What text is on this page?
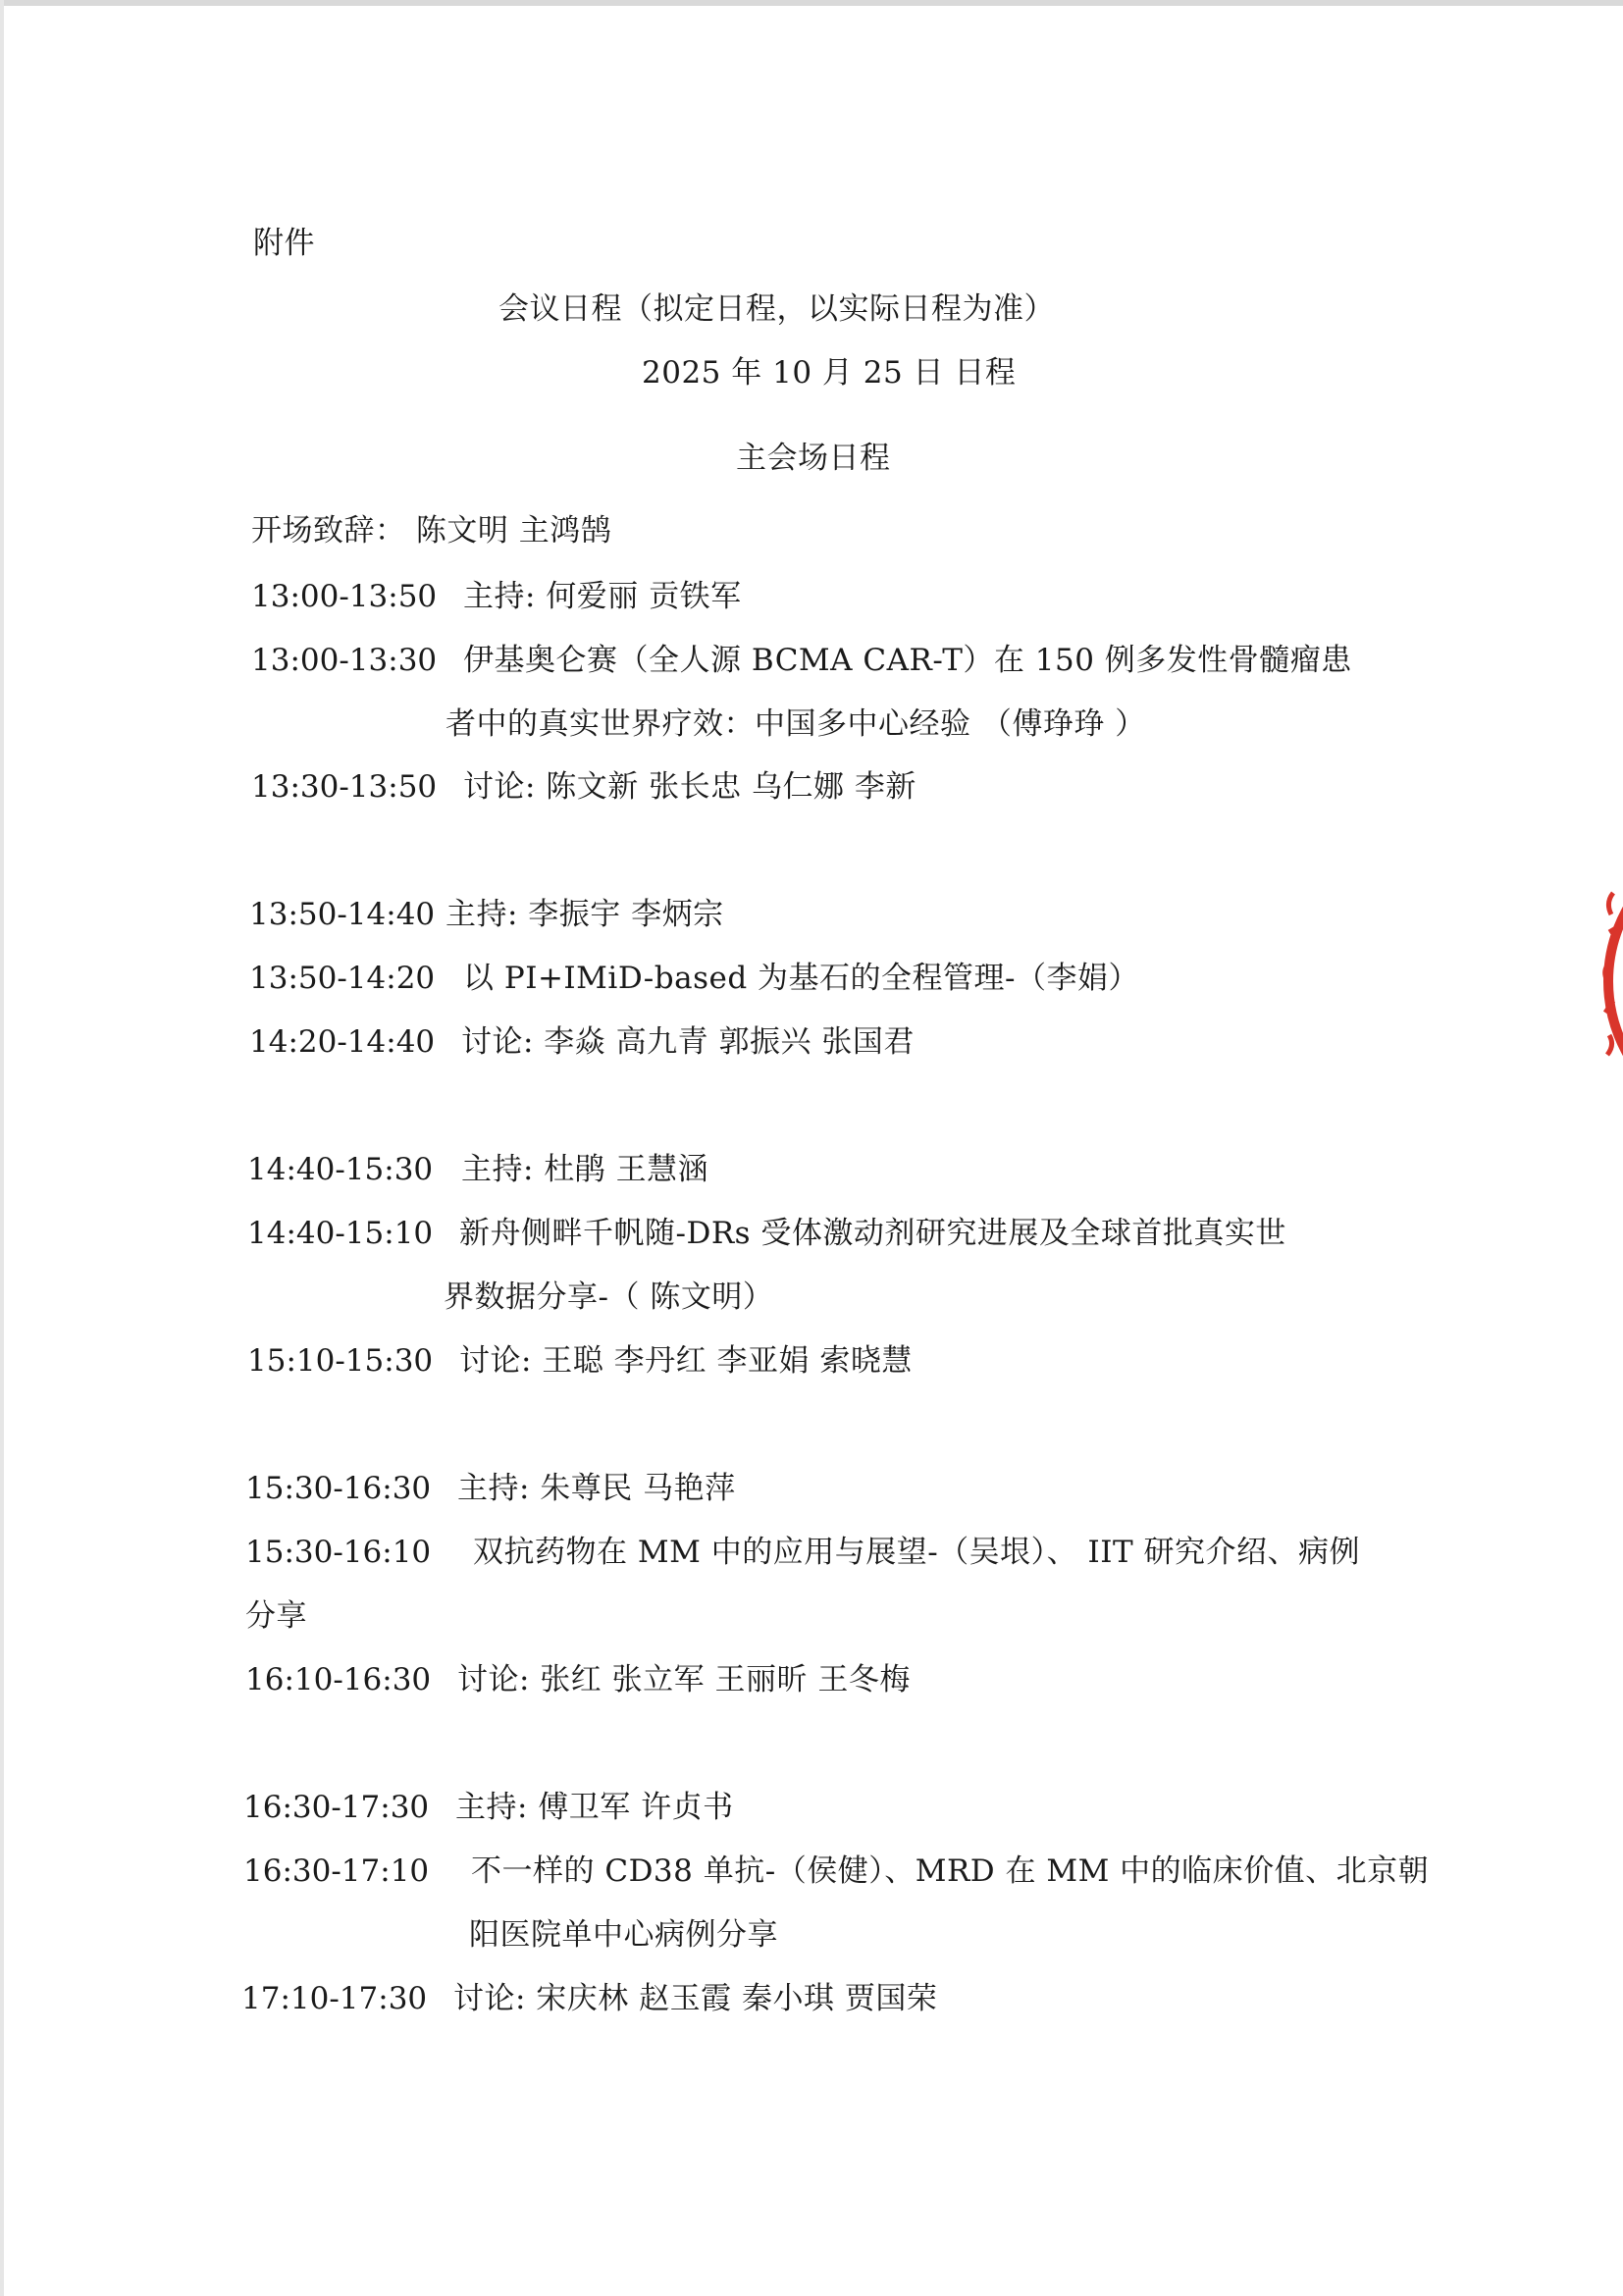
附件
会议日程（拟定日程，以实际日程为准）
2025 年 10 月 25 日 日程
主会场日程
开场致辞： 陈文明 主鸿鹄
13:00-13:50 主持: 何爱丽 贡铁军
13:00-13:30 伊基奥仑赛（全人源 BCMA CAR-T）在 150 例多发性骨髓瘤患
者中的真实世界疗效：中国多中心经验 （傅琤琤 ）
13:30-13:50 讨论: 陈文新 张长忠 乌仁娜 李新
13:50-14:40 主持: 李振宇 李炳宗
13:50-14:20 以 PI+IMiD-based 为基石的全程管理-（李娟）
14:20-14:40 讨论: 李焱 高九青 郭振兴 张国君
14:40-15:30 主持: 杜鹃 王慧涵
14:40-15:10 新舟侧畔千帆随-DRs 受体激动剂研究进展及全球首批真实世
界数据分享-（ 陈文明）
15:10-15:30 讨论: 王聪 李丹红 李亚娟 索晓慧
15:30-16:30 主持: 朱尊民 马艳萍
15:30-16:10 双抗药物在 MM 中的应用与展望-（吴垠）、 IIT 研究介绍、病例
分享
16:10-16:30 讨论: 张红 张立军 王丽昕 王冬梅
16:30-17:30 主持: 傅卫军 许贞书
16:30-17:10 不一样的 CD38 单抗-（侯健）、MRD 在 MM 中的临床价值、北京朝
阳医院单中心病例分享
17:10-17:30 讨论: 宋庆林 赵玉霞 秦小琪 贾国荣
